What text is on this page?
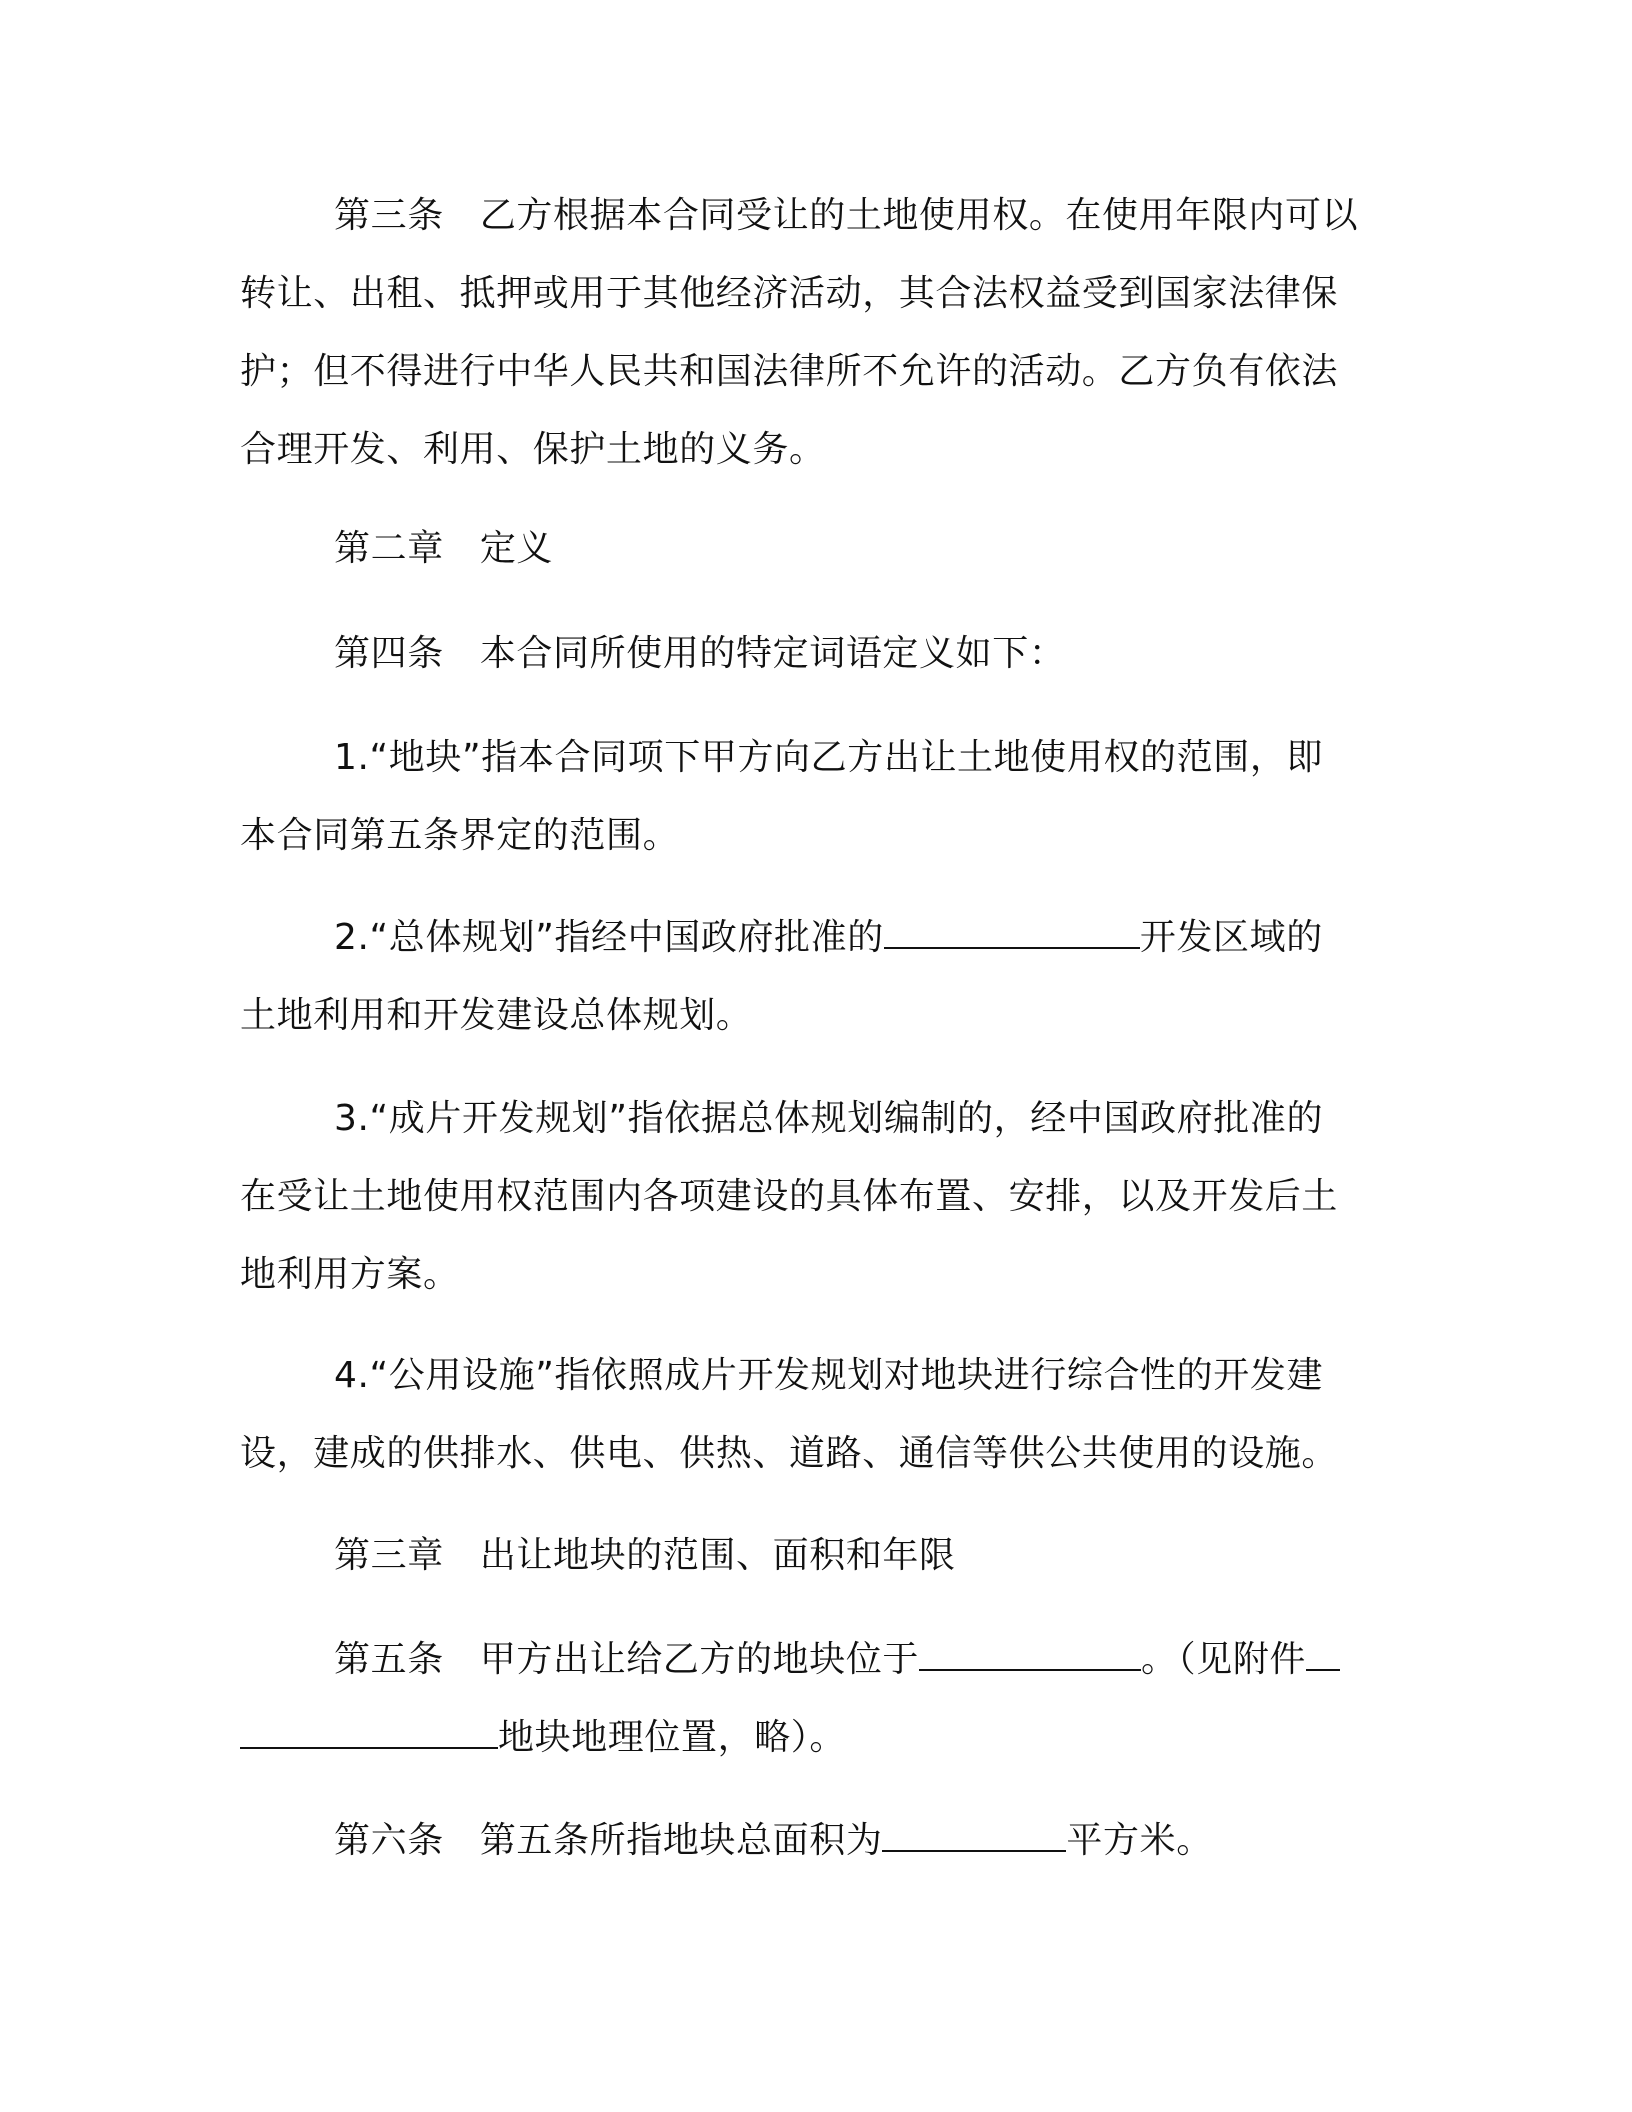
第三条 乙方根据本合同受让的土地使用权。在使用年限内可以
转让、出租、抵押或用于其他经济活动，其合法权益受到国家法律保
护；但不得进行中华人民共和国法律所不允许的活动。乙方负有依法
合理开发、利用、保护土地的义务。
第二章 定义
第四条 本合同所使用的特定词语定义如下：
1.“地块”指本合同项下甲方向乙方出让土地使用权的范围，即
本合同第五条界定的范围。
2.“总体规划”指经中国政府批准的	开发区域的
土地利用和开发建设总体规划。
3.“成片开发规划”指依据总体规划编制的，经中国政府批准的
在受让土地使用权范围内各项建设的具体布置、安排，以及开发后土
地利用方案。
4.“公用设施”指依照成片开发规划对地块进行综合性的开发建
设，建成的供排水、供电、供热、道路、通信等供公共使用的设施。
第三章 出让地块的范围、面积和年限
第五条 甲方出让给乙方的地块位于	。（见附件
地块地理位置，略）。
第六条 第五条所指地块总面积为	平方米。
